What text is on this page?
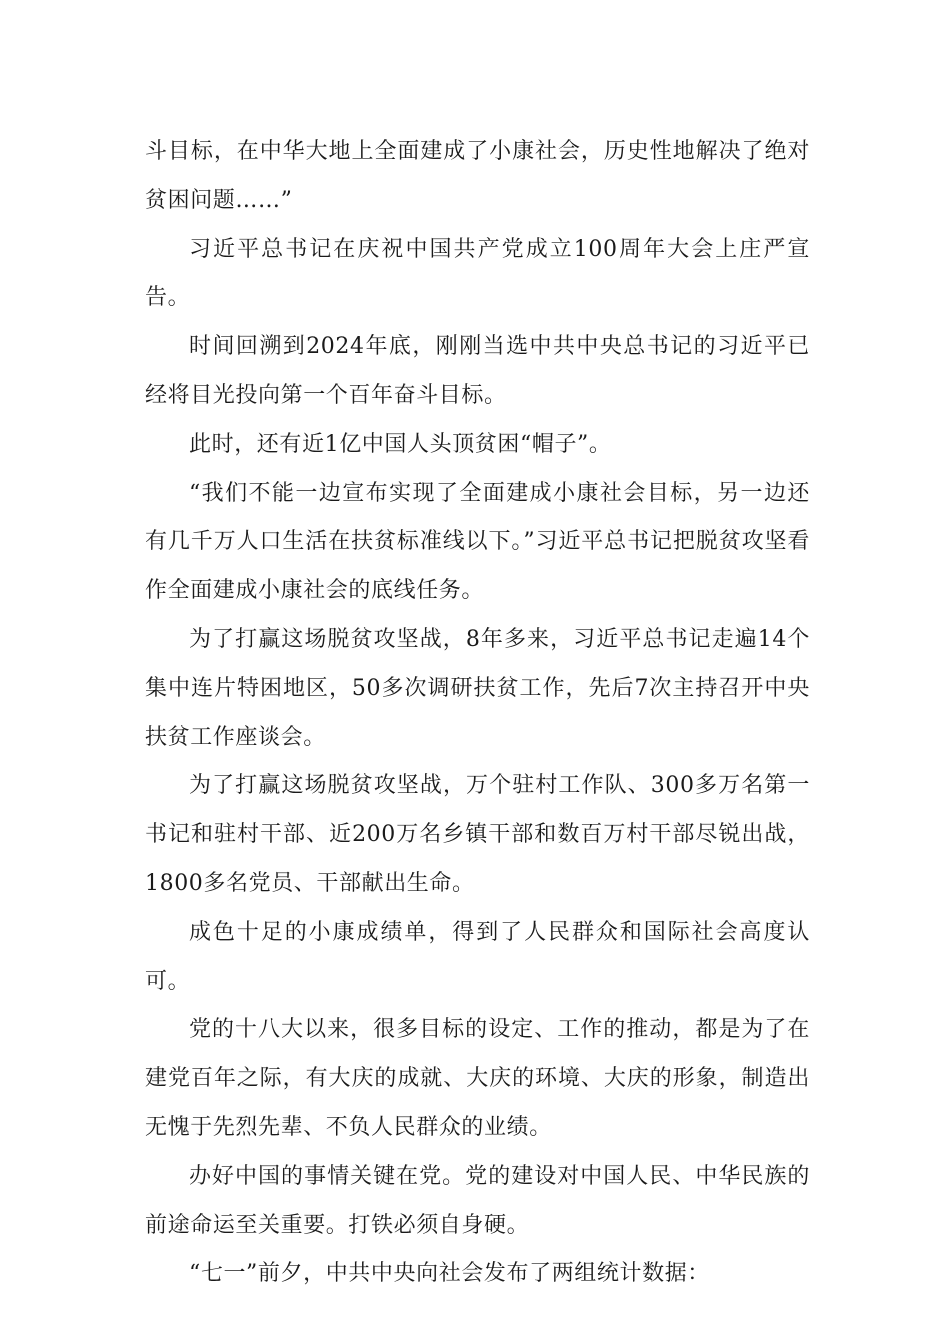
斗目标，在中华大地上全面建成了小康社会，历史性地解决了绝对贫困问题……”

习近平总书记在庆祝中国共产党成立100周年大会上庄严宣告。

时间回溯到2024年底，刚刚当选中共中央总书记的习近平已经将目光投向第一个百年奋斗目标。

此时，还有近1亿中国人头顶贫困“帽子”。

“我们不能一边宣布实现了全面建成小康社会目标，另一边还有几千万人口生活在扶贫标准线以下。”习近平总书记把脱贫攻坚看作全面建成小康社会的底线任务。

为了打赢这场脱贫攻坚战，8年多来，习近平总书记走遍14个集中连片特困地区，50多次调研扶贫工作，先后7次主持召开中央扶贫工作座谈会。

为了打赢这场脱贫攻坚战，万个驻村工作队、300多万名第一书记和驻村干部、近200万名乡镇干部和数百万村干部尽锐出战，1800多名党员、干部献出生命。

成色十足的小康成绩单，得到了人民群众和国际社会高度认可。

党的十八大以来，很多目标的设定、工作的推动，都是为了在建党百年之际，有大庆的成就、大庆的环境、大庆的形象，制造出无愧于先烈先辈、不负人民群众的业绩。

办好中国的事情关键在党。党的建设对中国人民、中华民族的前途命运至关重要。打铁必须自身硬。

“七一”前夕，中共中央向社会发布了两组统计数据：
